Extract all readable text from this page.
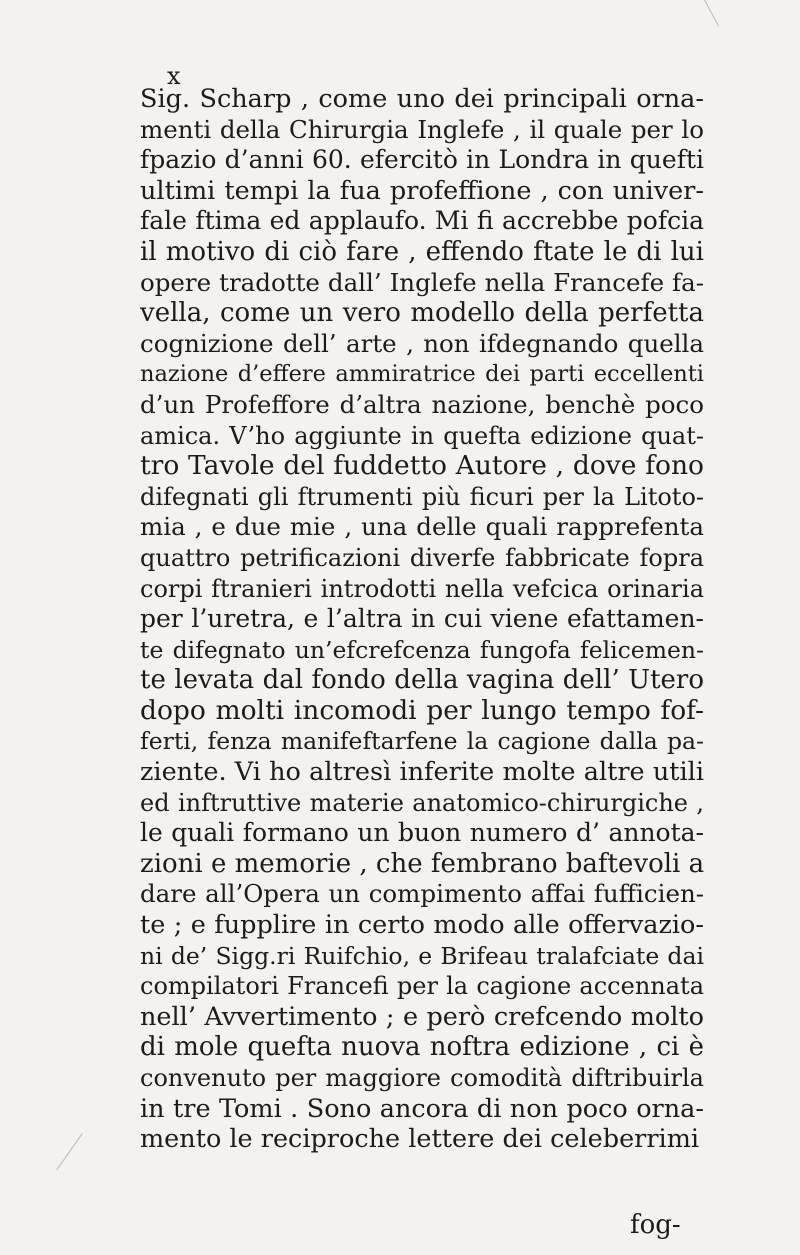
x
Sig. Scharp , come uno dei principali orna-
menti della Chirurgia Inglefe , il quale per lo
fpazio d’anni 60. efercitò in Londra in quefti
ultimi tempi la fua profeffione , con univer-
fale ftima ed applaufo. Mi fi accrebbe pofcia
il motivo di ciò fare , effendo ftate le di lui
opere tradotte dall’ Inglefe nella Francefe fa-
vella, come un vero modello della perfetta
cognizione dell’ arte , non ifdegnando quella
nazione d’effere ammiratrice dei parti eccellenti
d’un Profeffore d’altra nazione, benchè poco
amica. V’ho aggiunte in quefta edizione quat-
tro Tavole del fuddetto Autore , dove fono
difegnati gli ftrumenti più ficuri per la Litoto-
mia , e due mie , una delle quali rapprefenta
quattro petrificazioni diverfe fabbricate fopra
corpi ftranieri introdotti nella vefcica orinaria
per l’uretra, e l’altra in cui viene efattamen-
te difegnato un’efcrefcenza fungofa felicemen-
te levata dal fondo della vagina dell’ Utero
dopo molti incomodi per lungo tempo fof-
ferti, fenza manifeftarfene la cagione dalla pa-
ziente. Vi ho altresì inferite molte altre utili
ed inftruttive materie anatomico-chirurgiche ,
le quali formano un buon numero d’ annota-
zioni e memorie , che fembrano baftevoli a
dare all’Opera un compimento affai fufficien-
te ; e fupplire in certo modo alle offervazio-
ni de’ Sigg.ri Ruifchio, e Brifeau tralafciate dai
compilatori Francefi per la cagione accennata
nell’ Avvertimento ; e però crefcendo molto
di mole quefta nuova noftra edizione , ci è
convenuto per maggiore comodità diftribuirla
in tre Tomi . Sono ancora di non poco orna-
mento le reciproche lettere dei celeberrimi
fog-
